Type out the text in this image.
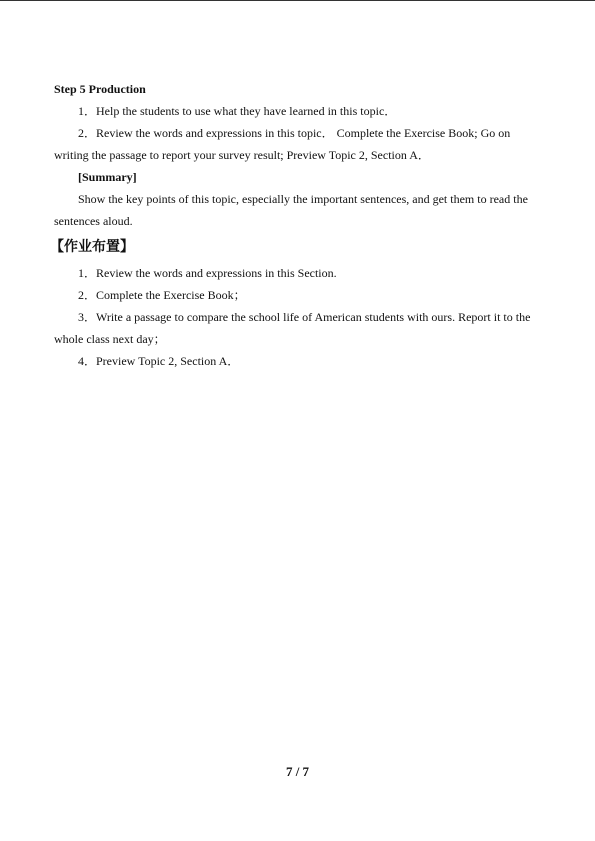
Step 5 Production

1．Help the students to use what they have learned in this topic．

2．Review the words and expressions in this topic． Complete the Exercise Book; Go on writing the passage to report your survey result; Preview Topic 2, Section A．

[Summary]

Show the key points of this topic, especially the important sentences, and get them to read the sentences aloud.

【作业布置】

1．Review the words and expressions in this Section.

2．Complete the Exercise Book；

3．Write a passage to compare the school life of American students with ours. Report it to the whole class next day；

4．Preview Topic 2, Section A．

7 / 7
